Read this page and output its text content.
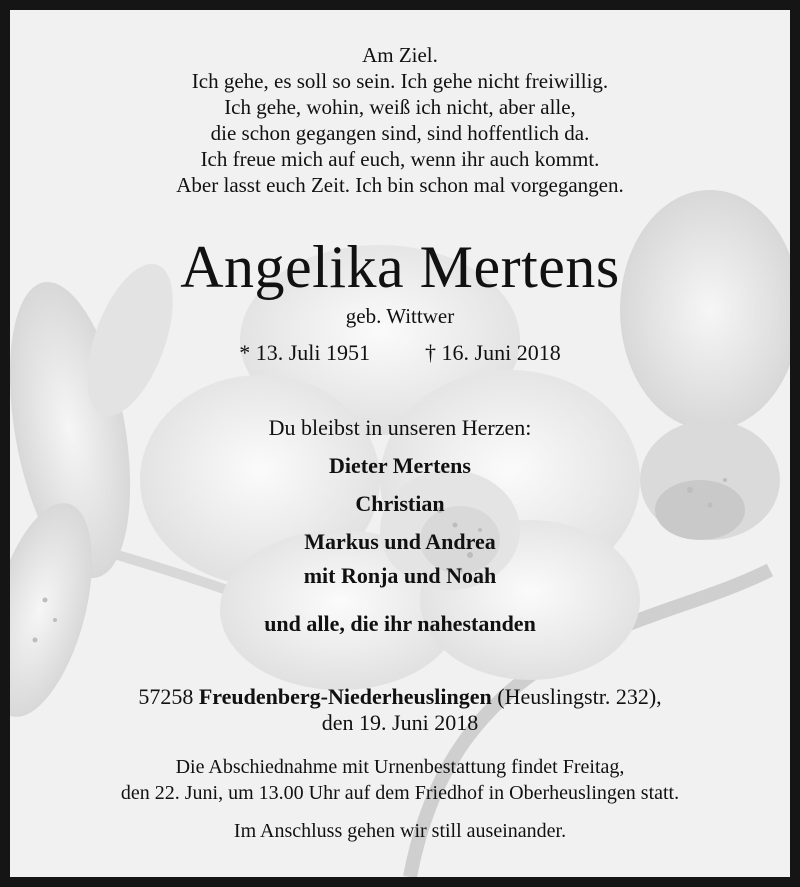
Am Ziel.
Ich gehe, es soll so sein. Ich gehe nicht freiwillig.
Ich gehe, wohin, weiß ich nicht, aber alle,
die schon gegangen sind, sind hoffentlich da.
Ich freue mich auf euch, wenn ihr auch kommt.
Aber lasst euch Zeit. Ich bin schon mal vorgegangen.
Angelika Mertens
geb. Wittwer
* 13. Juli 1951	† 16. Juni 2018
Du bleibst in unseren Herzen:
Dieter Mertens
Christian
Markus und Andrea
mit Ronja und Noah
und alle, die ihr nahestanden
57258 Freudenberg-Niederheuslingen (Heuslingstr. 232),
den 19. Juni 2018
Die Abschiednahme mit Urnenbestattung findet Freitag,
den 22. Juni, um 13.00 Uhr auf dem Friedhof in Oberheuslingen statt.
Im Anschluss gehen wir still auseinander.
